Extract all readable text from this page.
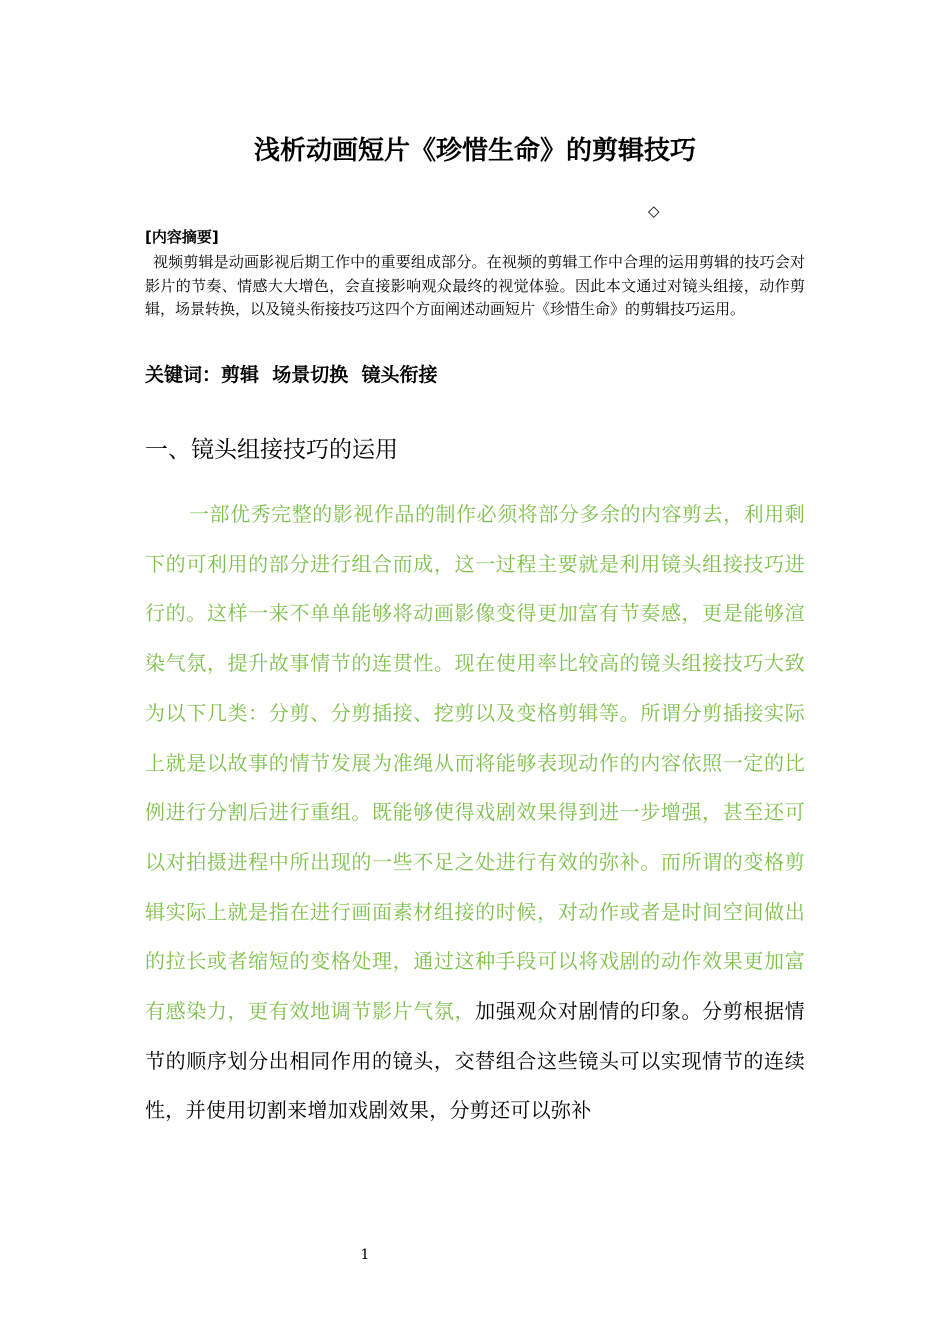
浅析动画短片《珍惜生命》的剪辑技巧
◇
[内容摘要]

视频剪辑是动画影视后期工作中的重要组成部分。在视频的剪辑工作中合理的运用剪辑的技巧会对影片的节奏、情感大大增色，会直接影响观众最终的视觉体验。因此本文通过对镜头组接，动作剪辑，场景转换，以及镜头衔接技巧这四个方面阐述动画短片《珍惜生命》的剪辑技巧运用。

关键词：剪辑  场景切换  镜头衔接
一、镜头组接技巧的运用

一部优秀完整的影视作品的制作必须将部分多余的内容剪去，利用剩下的可利用的部分进行组合而成，这一过程主要就是利用镜头组接技巧进行的。这样一来不单单能够将动画影像变得更加富有节奏感，更是能够渲染气氛，提升故事情节的连贯性。现在使用率比较高的镜头组接技巧大致为以下几类：分剪、分剪插接、挖剪以及变格剪辑等。所谓分剪插接实际上就是以故事的情节发展为准绳从而将能够表现动作的内容依照一定的比例进行分割后进行重组。既能够使得戏剧效果得到进一步增强，甚至还可以对拍摄进程中所出现的一些不足之处进行有效的弥补。而所谓的变格剪辑实际上就是指在进行画面素材组接的时候，对动作或者是时间空间做出的拉长或者缩短的变格处理，通过这种手段可以将戏剧的动作效果更加富有感染力，更有效地调节影片气氛，加强观众对剧情的印象。分剪根据情节的顺序划分出相同作用的镜头，交替组合这些镜头可以实现情节的连续性，并使用切割来增加戏剧效果，分剪还可以弥补

1
